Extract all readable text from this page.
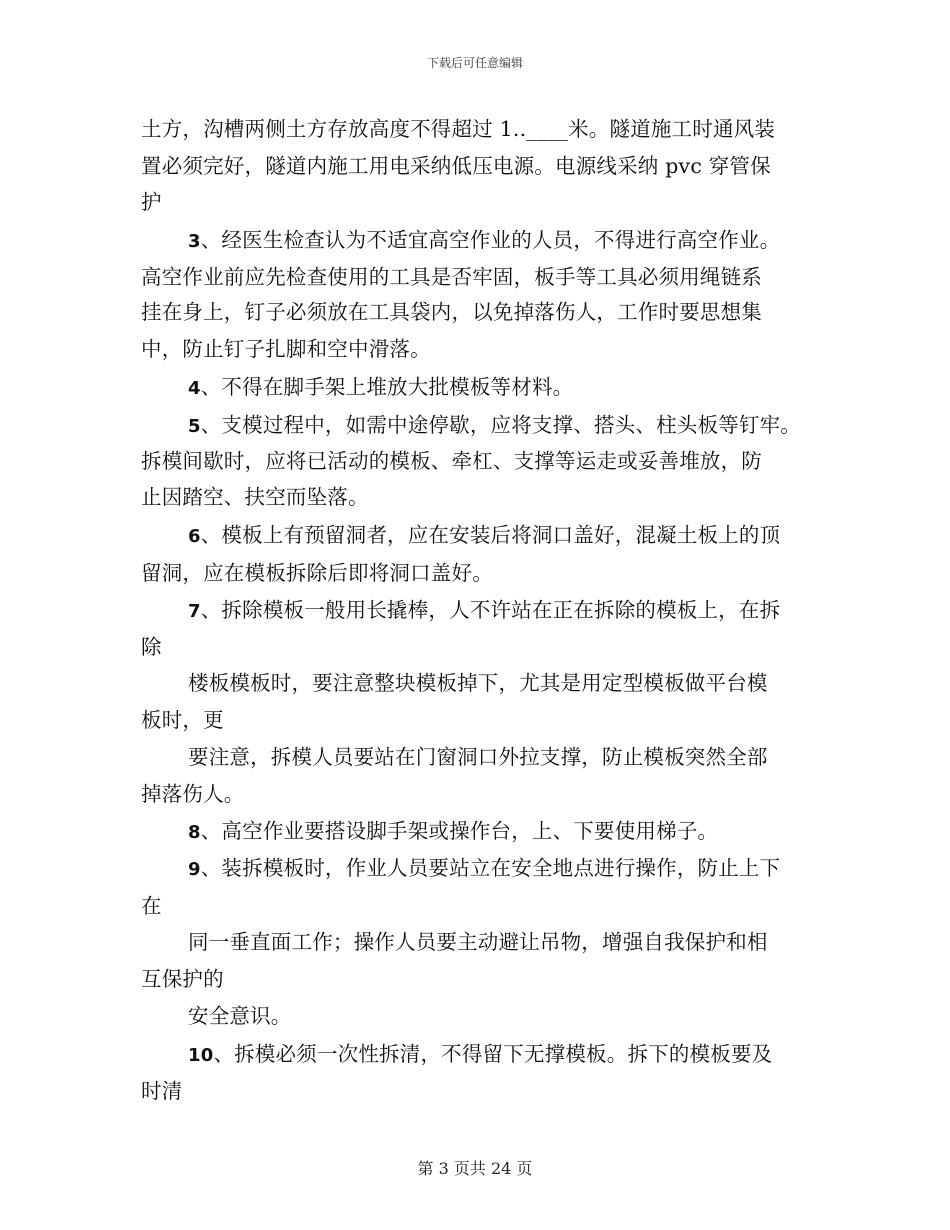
下载后可任意编辑
土方，沟槽两侧土方存放高度不得超过 1..____米。隧道施工时通风装
置必须完好，隧道内施工用电采纳低压电源。电源线采纳 pvc 穿管保
护
3、经医生检查认为不适宜高空作业的人员，不得进行高空作业。
高空作业前应先检查使用的工具是否牢固，板手等工具必须用绳链系
挂在身上，钉子必须放在工具袋内，以免掉落伤人，工作时要思想集
中，防止钉子扎脚和空中滑落。
4、不得在脚手架上堆放大批模板等材料。
5、支模过程中，如需中途停歇，应将支撑、搭头、柱头板等钉牢。
拆模间歇时，应将已活动的模板、牵杠、支撑等运走或妥善堆放，防
止因踏空、扶空而坠落。
6、模板上有预留洞者，应在安装后将洞口盖好，混凝土板上的顶
留洞，应在模板拆除后即将洞口盖好。
7、拆除模板一般用长撬棒，人不许站在正在拆除的模板上，在拆
除
楼板模板时，要注意整块模板掉下，尤其是用定型模板做平台模
板时，更
要注意，拆模人员要站在门窗洞口外拉支撑，防止模板突然全部
掉落伤人。
8、高空作业要搭设脚手架或操作台，上、下要使用梯子。
9、装拆模板时，作业人员要站立在安全地点进行操作，防止上下
在
同一垂直面工作；操作人员要主动避让吊物，增强自我保护和相
互保护的
安全意识。
10、拆模必须一次性拆清，不得留下无撑模板。拆下的模板要及
时清
第 3 页共 24 页
